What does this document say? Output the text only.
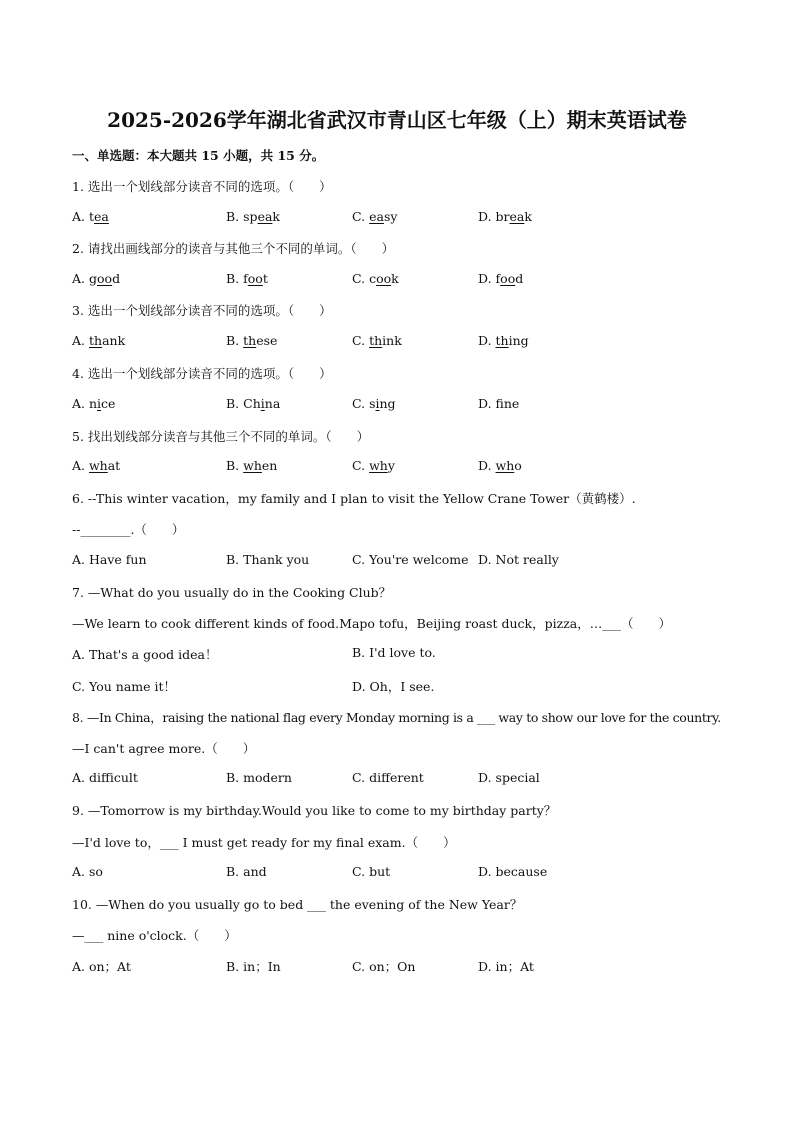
2025-2026学年湖北省武汉市青山区七年级（上）期末英语试卷
一、单选题：本大题共 15 小题，共 15 分。
1. 选出一个划线部分读音不同的选项。（　　）
A. tea	B. speak	C. easy	D. break
2. 请找出画线部分的读音与其他三个不同的单词。（　　）
A. good	B. foot	C. cook	D. food
3. 选出一个划线部分读音不同的选项。（　　）
A. thank	B. these	C. think	D. thing
4. 选出一个划线部分读音不同的选项。（　　）
A. nice	B. China	C. sing	D. fne
5. 找出划线部分读音与其他三个不同的单词。（　　）
A. what	B. when	C. why	D. who
6. --This winter vacation，my family and I plan to visit the Yellow Crane Tower（黄鹤楼）.
--________.（　　）
A. Have fun	B. Thank you	C. You're welcome D. Not really
7. —What do you usually do in the Cooking Club？
—We learn to cook different kinds of food.Mapo tofu，Beijing roast duck，pizza，…___（　　）
A. That's a good idea！	B. I'd love to.
C. You name it！	D. Oh，I see.
8. —In China，raising the national flag every Monday morning is a ___ way to show our love for the country.
—I can't agree more.（　　）
A. difficult	B. modern	C. different	D. special
9. —Tomorrow is my birthday.Would you like to come to my birthday party？
—I'd love to，___ I must get ready for my final exam.（　　）
A. so	B. and	C. but	D. because
10. —When do you usually go to bed ___ the evening of the New Year？
—___ nine o'clock.（　　）
A. on；At	B. in；In	C. on；On	D. in；At
